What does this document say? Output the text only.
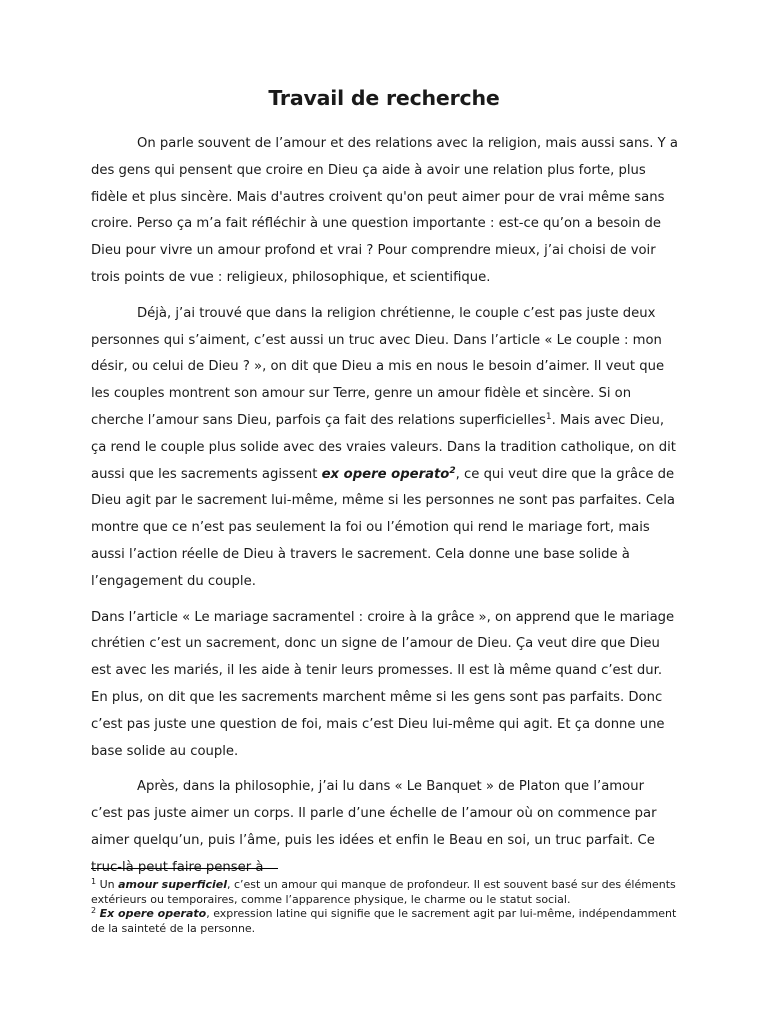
Travail de recherche

On parle souvent de l’amour et des relations avec la religion, mais aussi sans. Y a des gens qui pensent que croire en Dieu ça aide à avoir une relation plus forte, plus fidèle et plus sincère. Mais d'autres croivent qu'on peut aimer pour de vrai même sans croire. Perso ça m’a fait réfléchir à une question importante : est-ce qu’on a besoin de Dieu pour vivre un amour profond et vrai ? Pour comprendre mieux, j’ai choisi de voir trois points de vue : religieux, philosophique, et scientifique.

Déjà, j’ai trouvé que dans la religion chrétienne, le couple c’est pas juste deux personnes qui s’aiment, c’est aussi un truc avec Dieu. Dans l’article « Le couple : mon désir, ou celui de Dieu ? », on dit que Dieu a mis en nous le besoin d’aimer. Il veut que les couples montrent son amour sur Terre, genre un amour fidèle et sincère. Si on cherche l’amour sans Dieu, parfois ça fait des relations superficielles$^1$. Mais avec Dieu, ça rend le couple plus solide avec des vraies valeurs. Dans la tradition catholique, on dit aussi que les sacrements agissent ex opere operato$^2$, ce qui veut dire que la grâce de Dieu agit par le sacrement lui-même, même si les personnes ne sont pas parfaites. Cela montre que ce n’est pas seulement la foi ou l’émotion qui rend le mariage fort, mais aussi l’action réelle de Dieu à travers le sacrement. Cela donne une base solide à l’engagement du couple.

Dans l’article « Le mariage sacramentel : croire à la grâce », on apprend que le mariage chrétien c’est un sacrement, donc un signe de l’amour de Dieu. Ça veut dire que Dieu est avec les mariés, il les aide à tenir leurs promesses. Il est là même quand c’est dur. En plus, on dit que les sacrements marchent même si les gens sont pas parfaits. Donc c’est pas juste une question de foi, mais c’est Dieu lui-même qui agit. Et ça donne une base solide au couple.

Après, dans la philosophie, j’ai lu dans « Le Banquet » de Platon que l’amour c’est pas juste aimer un corps. Il parle d’une échelle de l’amour où on commence par aimer quelqu’un, puis l’âme, puis les idées et enfin le Beau en soi, un truc parfait. Ce truc-là peut faire penser à

$^1$ Un amour superficiel, c’est un amour qui manque de profondeur. Il est souvent basé sur des éléments extérieurs ou temporaires, comme l’apparence physique, le charme ou le statut social.

$^2$ Ex opere operato, expression latine qui signifie que le sacrement agit par lui-même, indépendamment de la sainteté de la personne.
